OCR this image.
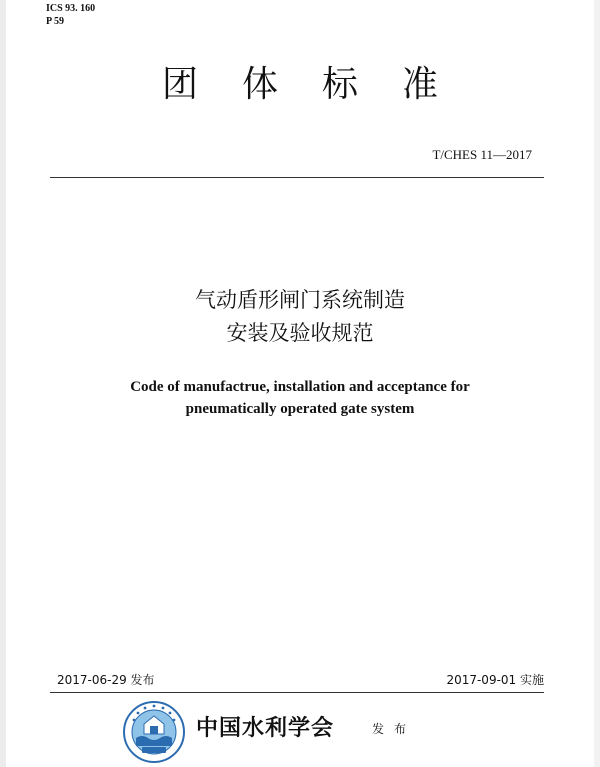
ICS 93. 160
P 59
团体标准
T/CHES 11—2017
气动盾形闸门系统制造
安装及验收规范
Code of manufactrue, installation and acceptance for
pneumatically operated gate system
2017-06-29 发布	2017-09-01 实施
中国水利学会	发布
